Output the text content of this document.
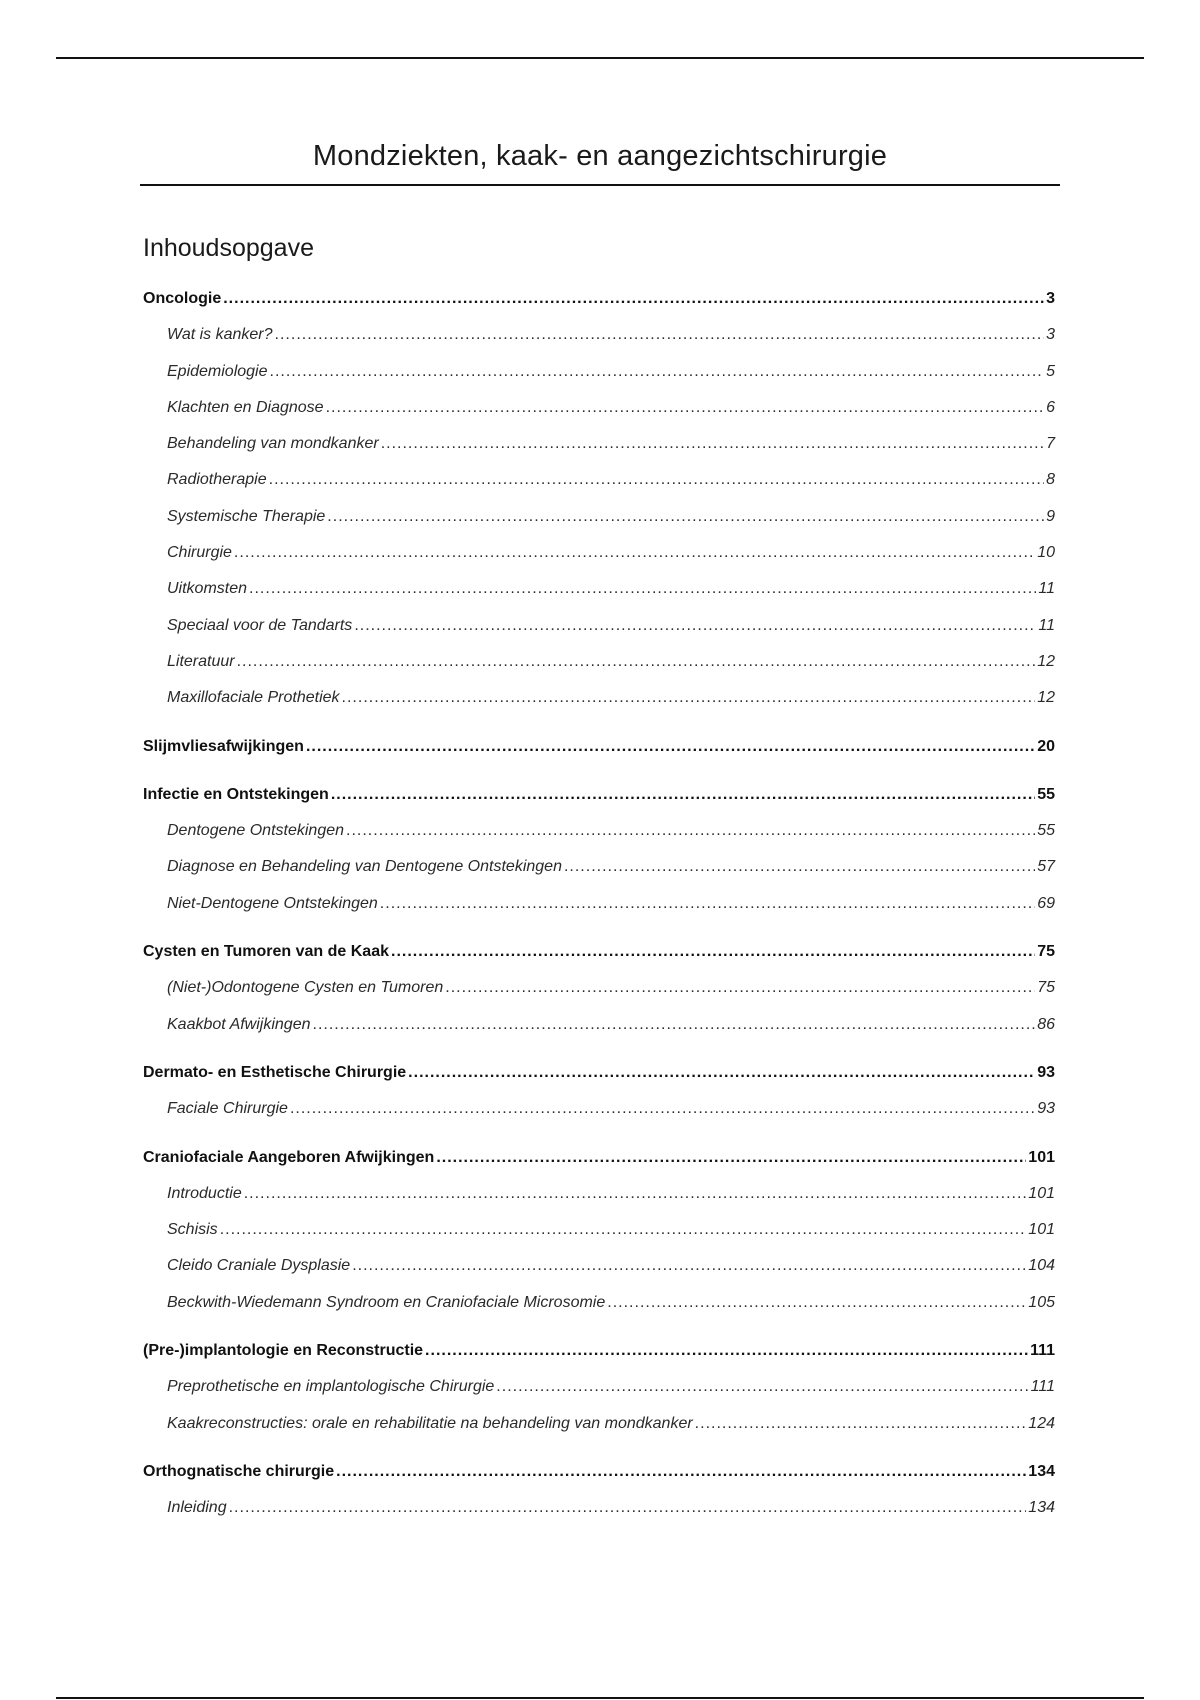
Mondziekten, kaak- en aangezichtschirurgie
Inhoudsopgave
Oncologie .....	3
Wat is kanker? .....	3
Epidemiologie .....	5
Klachten en Diagnose .....	6
Behandeling van mondkanker .....	7
Radiotherapie .....	8
Systemische Therapie .....	9
Chirurgie .....	10
Uitkomsten .....	11
Speciaal voor de Tandarts .....	11
Literatuur .....	12
Maxillofaciale Prothetiek .....	12
Slijmvliesafwijkingen .....	20
Infectie en Ontstekingen .....	55
Dentogene Ontstekingen .....	55
Diagnose en Behandeling van Dentogene Ontstekingen .....	57
Niet-Dentogene Ontstekingen .....	69
Cysten en Tumoren van de Kaak .....	75
(Niet-)Odontogene Cysten en Tumoren .....	75
Kaakbot Afwijkingen .....	86
Dermato- en Esthetische Chirurgie .....	93
Faciale Chirurgie .....	93
Craniofaciale Aangeboren Afwijkingen .....	101
Introductie .....	101
Schisis .....	101
Cleido Craniale Dysplasie .....	104
Beckwith-Wiedemann Syndroom en Craniofaciale Microsomie .....	105
(Pre-)implantologie en Reconstructie .....	111
Preprothetische en implantologische Chirurgie .....	111
Kaakreconstructies: orale en rehabilitatie na behandeling van mondkanker .....	124
Orthognatische chirurgie .....	134
Inleiding .....	134
